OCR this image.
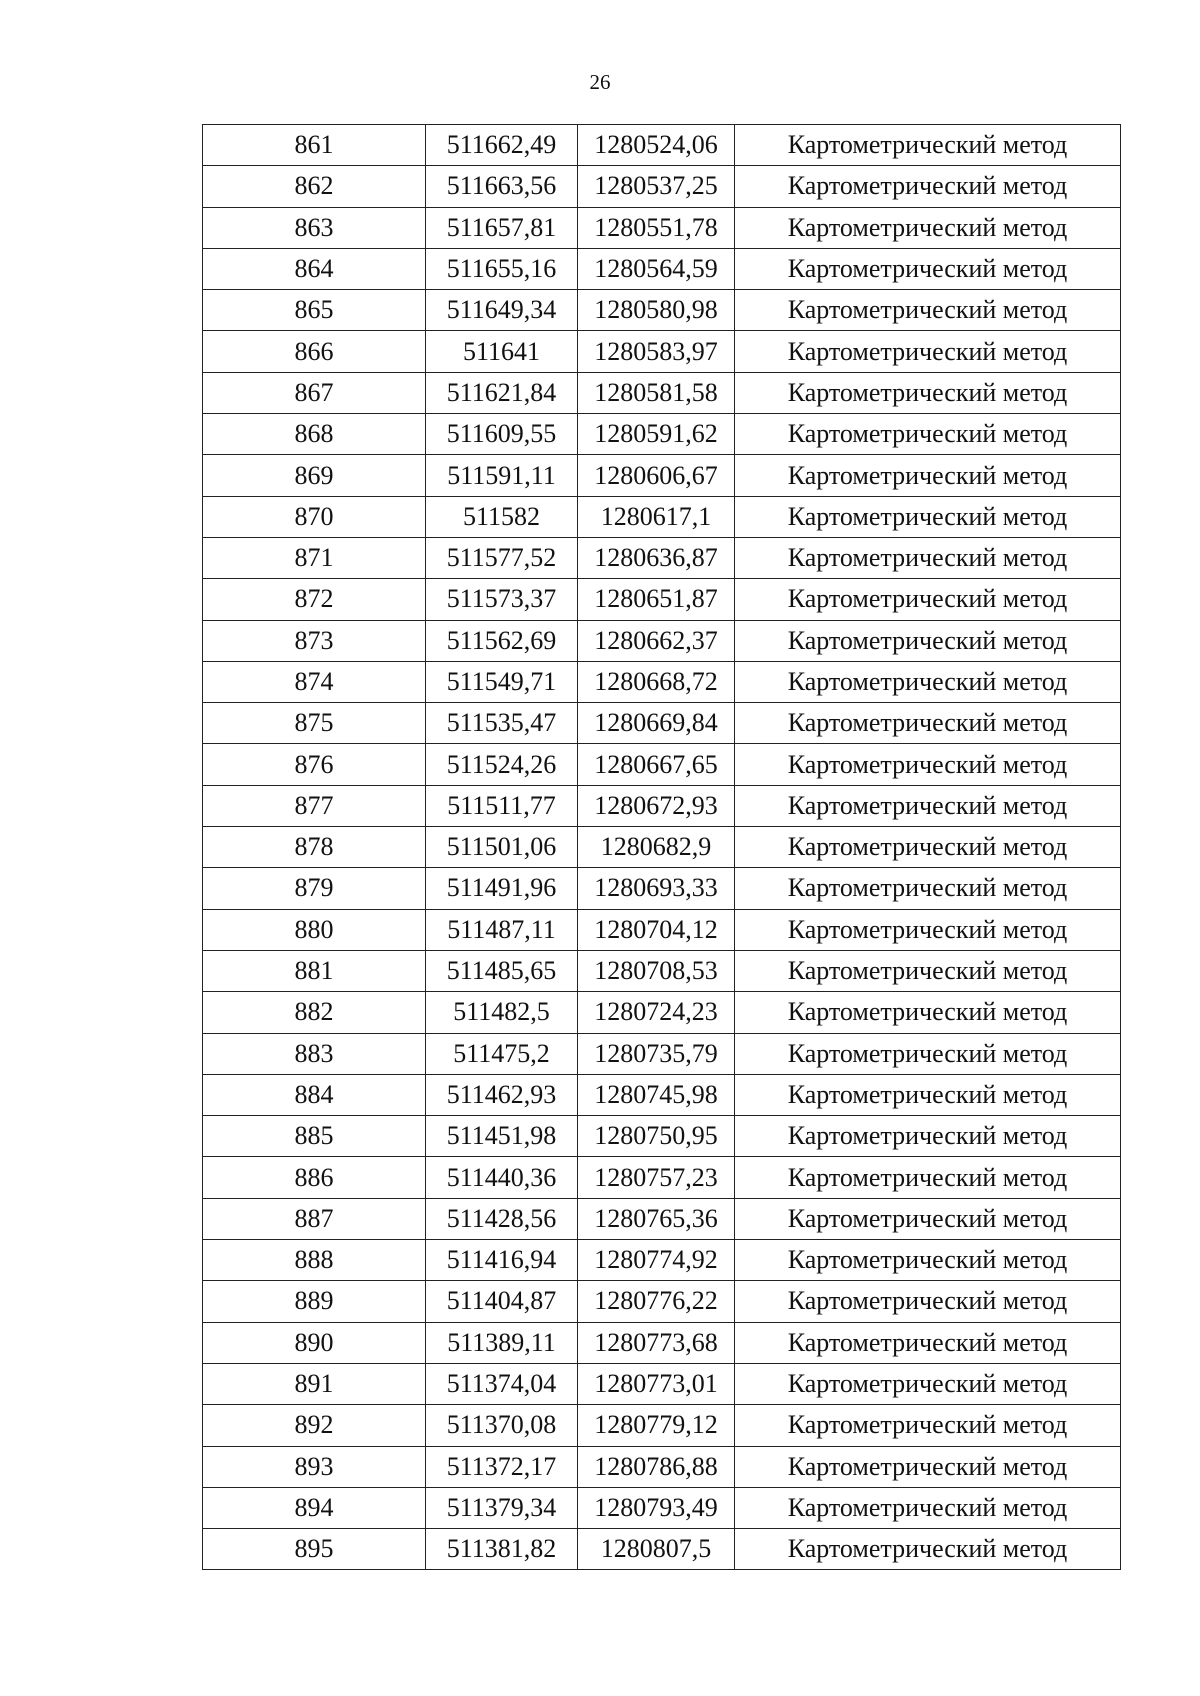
26
861	511662,49	1280524,06	Картометрический метод
862	511663,56	1280537,25	Картометрический метод
863	511657,81	1280551,78	Картометрический метод
864	511655,16	1280564,59	Картометрический метод
865	511649,34	1280580,98	Картометрический метод
866	511641	1280583,97	Картометрический метод
867	511621,84	1280581,58	Картометрический метод
868	511609,55	1280591,62	Картометрический метод
869	511591,11	1280606,67	Картометрический метод
870	511582	1280617,1	Картометрический метод
871	511577,52	1280636,87	Картометрический метод
872	511573,37	1280651,87	Картометрический метод
873	511562,69	1280662,37	Картометрический метод
874	511549,71	1280668,72	Картометрический метод
875	511535,47	1280669,84	Картометрический метод
876	511524,26	1280667,65	Картометрический метод
877	511511,77	1280672,93	Картометрический метод
878	511501,06	1280682,9	Картометрический метод
879	511491,96	1280693,33	Картометрический метод
880	511487,11	1280704,12	Картометрический метод
881	511485,65	1280708,53	Картометрический метод
882	511482,5	1280724,23	Картометрический метод
883	511475,2	1280735,79	Картометрический метод
884	511462,93	1280745,98	Картометрический метод
885	511451,98	1280750,95	Картометрический метод
886	511440,36	1280757,23	Картометрический метод
887	511428,56	1280765,36	Картометрический метод
888	511416,94	1280774,92	Картометрический метод
889	511404,87	1280776,22	Картометрический метод
890	511389,11	1280773,68	Картометрический метод
891	511374,04	1280773,01	Картометрический метод
892	511370,08	1280779,12	Картометрический метод
893	511372,17	1280786,88	Картометрический метод
894	511379,34	1280793,49	Картометрический метод
895	511381,82	1280807,5	Картометрический метод
